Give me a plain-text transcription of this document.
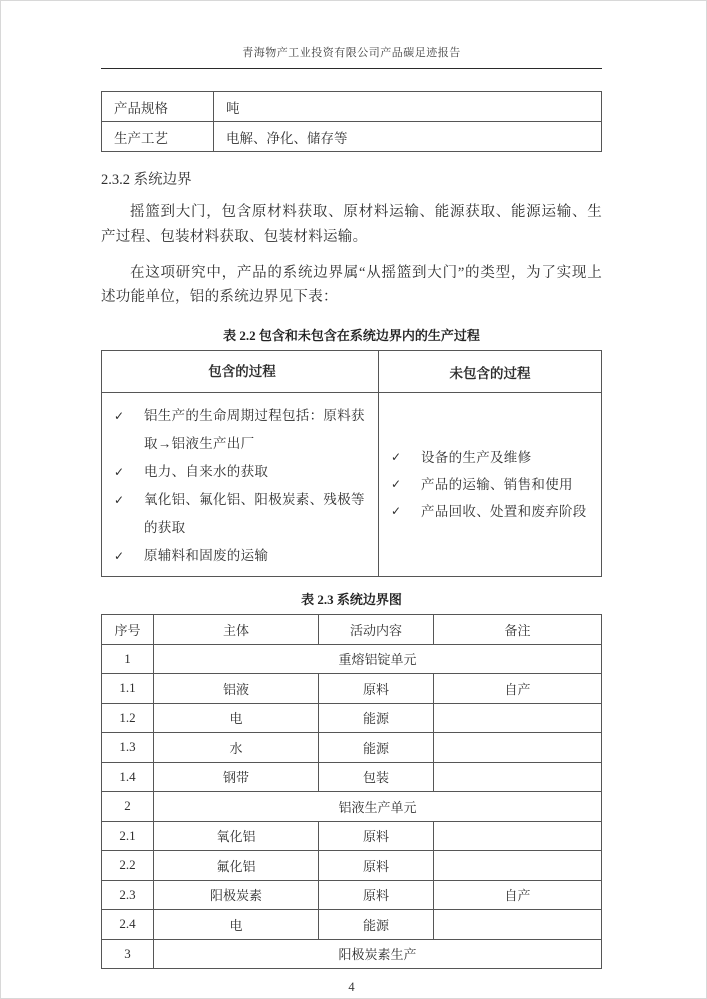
青海物产工业投资有限公司产品碳足迹报告
产品规格	吨
生产工艺	电解、净化、储存等
2.3.2 系统边界

摇篮到大门，包含原材料获取、原材料运输、能源获取、能源运输、生产过程、包装材料获取、包装材料运输。

在这项研究中，产品的系统边界属“从摇篮到大门”的类型，为了实现上述功能单位，铝的系统边界见下表：

表 2.2 包含和未包含在系统边界内的生产过程
包含的过程	未包含的过程

✓	铝生产的生命周期过程包括：原料获取→铝液生产出厂
✓	电力、自来水的获取
✓	氧化铝、氟化铝、阳极炭素、残极等的获取
✓	原辅料和固废的运输

✓	设备的生产及维修
✓	产品的运输、销售和使用
✓	产品回收、处置和废弃阶段
表 2.3 系统边界图
序号	主体	活动内容	备注
1	重熔铝锭单元		
1.1	铝液	原料	自产
1.2	电	能源	
1.3	水	能源	
1.4	钢带	包装	
2	铝液生产单元		
2.1	氧化铝	原料	
2.2	氟化铝	原料	
2.3	阳极炭素	原料	自产
2.4	电	能源	
3	阳极炭素生产		
4
